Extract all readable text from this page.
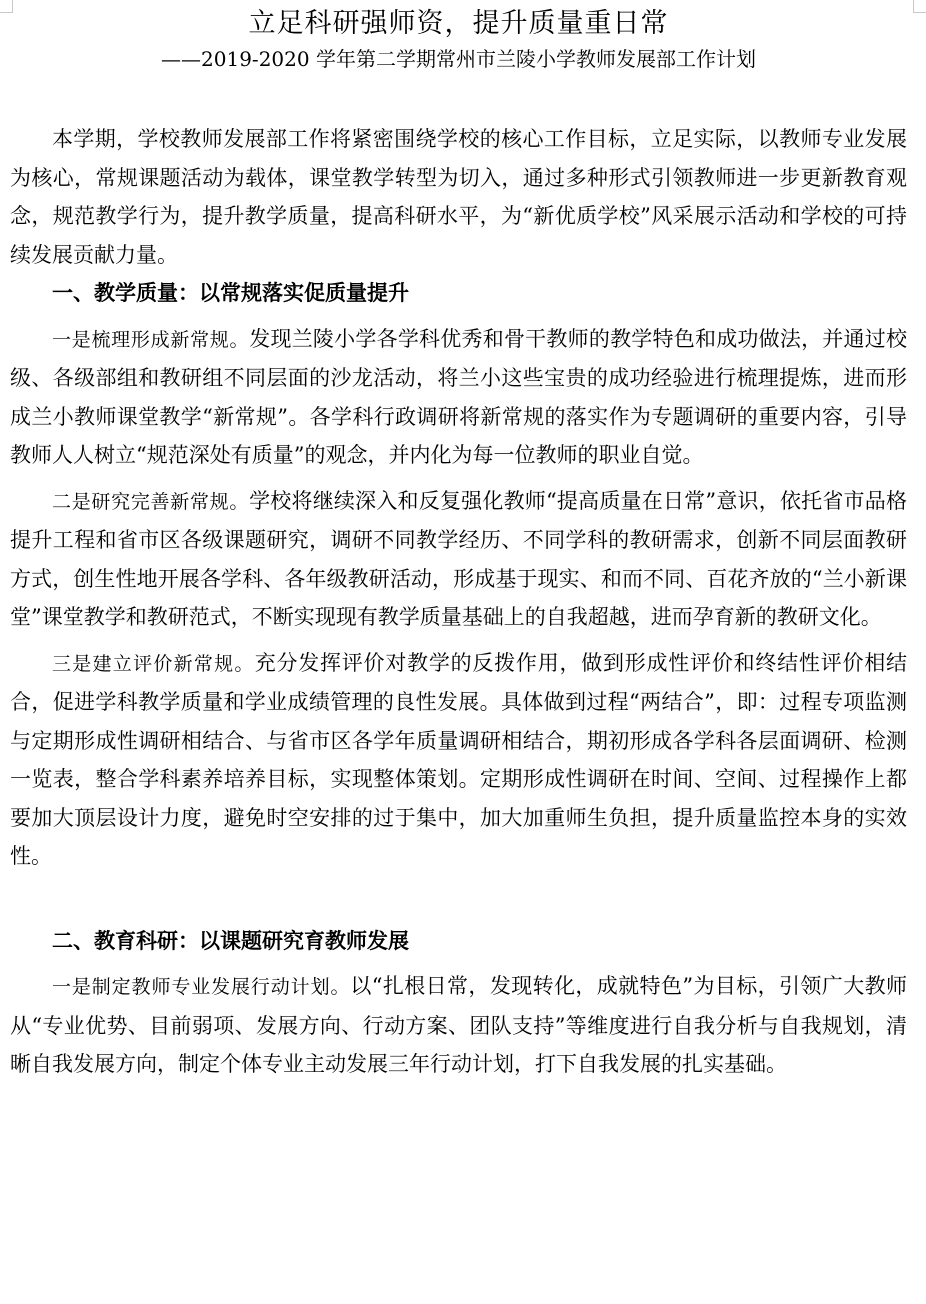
立足科研强师资，提升质量重日常

——2019-2020 学年第二学期常州市兰陵小学教师发展部工作计划

本学期，学校教师发展部工作将紧密围绕学校的核心工作目标，立足实际，以教师专业发展为核心，常规课题活动为载体，课堂教学转型为切入，通过多种形式引领教师进一步更新教育观念，规范教学行为，提升教学质量，提高科研水平，为“新优质学校”风采展示活动和学校的可持续发展贡献力量。

一、教学质量：以常规落实促质量提升

一是梳理形成新常规。发现兰陵小学各学科优秀和骨干教师的教学特色和成功做法，并通过校级、各级部组和教研组不同层面的沙龙活动，将兰小这些宝贵的成功经验进行梳理提炼，进而形成兰小教师课堂教学“新常规”。各学科行政调研将新常规的落实作为专题调研的重要内容，引导教师人人树立“规范深处有质量”的观念，并内化为每一位教师的职业自觉。

二是研究完善新常规。学校将继续深入和反复强化教师“提高质量在日常”意识，依托省市品格提升工程和省市区各级课题研究，调研不同教学经历、不同学科的教研需求，创新不同层面教研方式，创生性地开展各学科、各年级教研活动，形成基于现实、和而不同、百花齐放的“兰小新课堂”课堂教学和教研范式，不断实现现有教学质量基础上的自我超越，进而孕育新的教研文化。

三是建立评价新常规。充分发挥评价对教学的反拨作用，做到形成性评价和终结性评价相结合，促进学科教学质量和学业成绩管理的良性发展。具体做到过程“两结合”，即：过程专项监测与定期形成性调研相结合、与省市区各学年质量调研相结合，期初形成各学科各层面调研、检测一览表，整合学科素养培养目标，实现整体策划。定期形成性调研在时间、空间、过程操作上都要加大顶层设计力度，避免时空安排的过于集中，加大加重师生负担，提升质量监控本身的实效性。

二、教育科研：以课题研究育教师发展

一是制定教师专业发展行动计划。以“扎根日常，发现转化，成就特色”为目标，引领广大教师从“专业优势、目前弱项、发展方向、行动方案、团队支持”等维度进行自我分析与自我规划，清晰自我发展方向，制定个体专业主动发展三年行动计划，打下自我发展的扎实基础。
